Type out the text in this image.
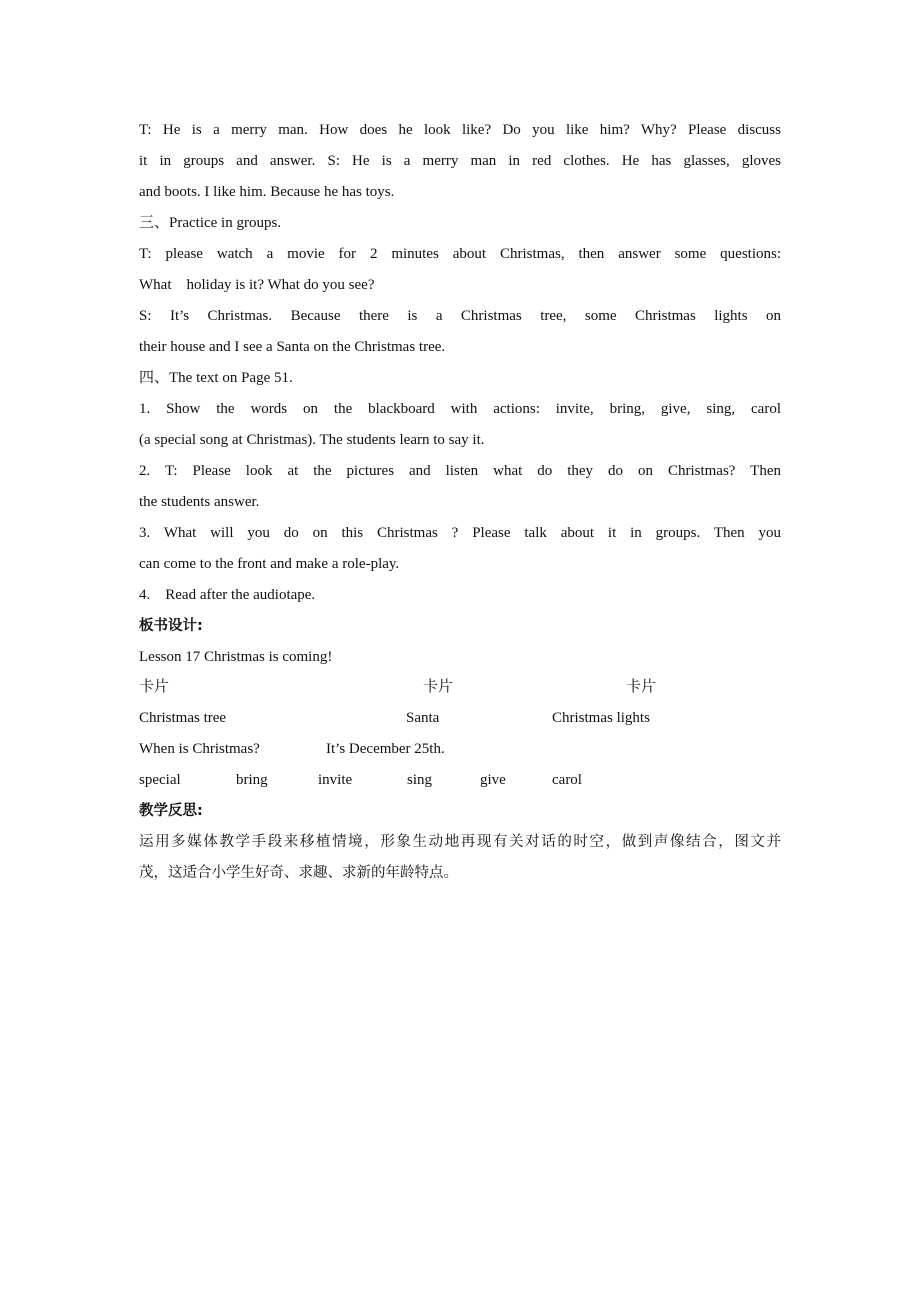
T: He is a merry man. How does he look like? Do you like him? Why? Please discuss
it in groups and answer. S: He is a merry man in red clothes. He has glasses, gloves
and boots. I like him. Because he has toys.
三、Practice in groups.
T: please watch a movie for 2 minutes about Christmas, then answer some questions:
What    holiday is it? What do you see?
S: It’s Christmas. Because there is a Christmas tree, some Christmas lights on
their house and I see a Santa on the Christmas tree.
四、The text on Page 51.
1. Show the words on the blackboard with actions: invite, bring, give, sing, carol
(a special song at Christmas). The students learn to say it.
2. T: Please look at the pictures and listen what do they do on Christmas? Then
the students answer.
3. What will you do on this Christmas ? Please talk about it in groups. Then you
can come to the front and make a role-play.
4.    Read after the audiotape.
板书设计:
Lesson 17 Christmas is coming!
卡片	卡片	卡片
Christmas tree	Santa	Christmas lights
When is Christmas?	It’s December 25th.
special	bring	invite	sing	give	carol
教学反思:
运用多媒体教学手段来移植情境，形象生动地再现有关对话的时空，做到声像结合，图文并
茂，这适合小学生好奇、求趣、求新的年龄特点。
